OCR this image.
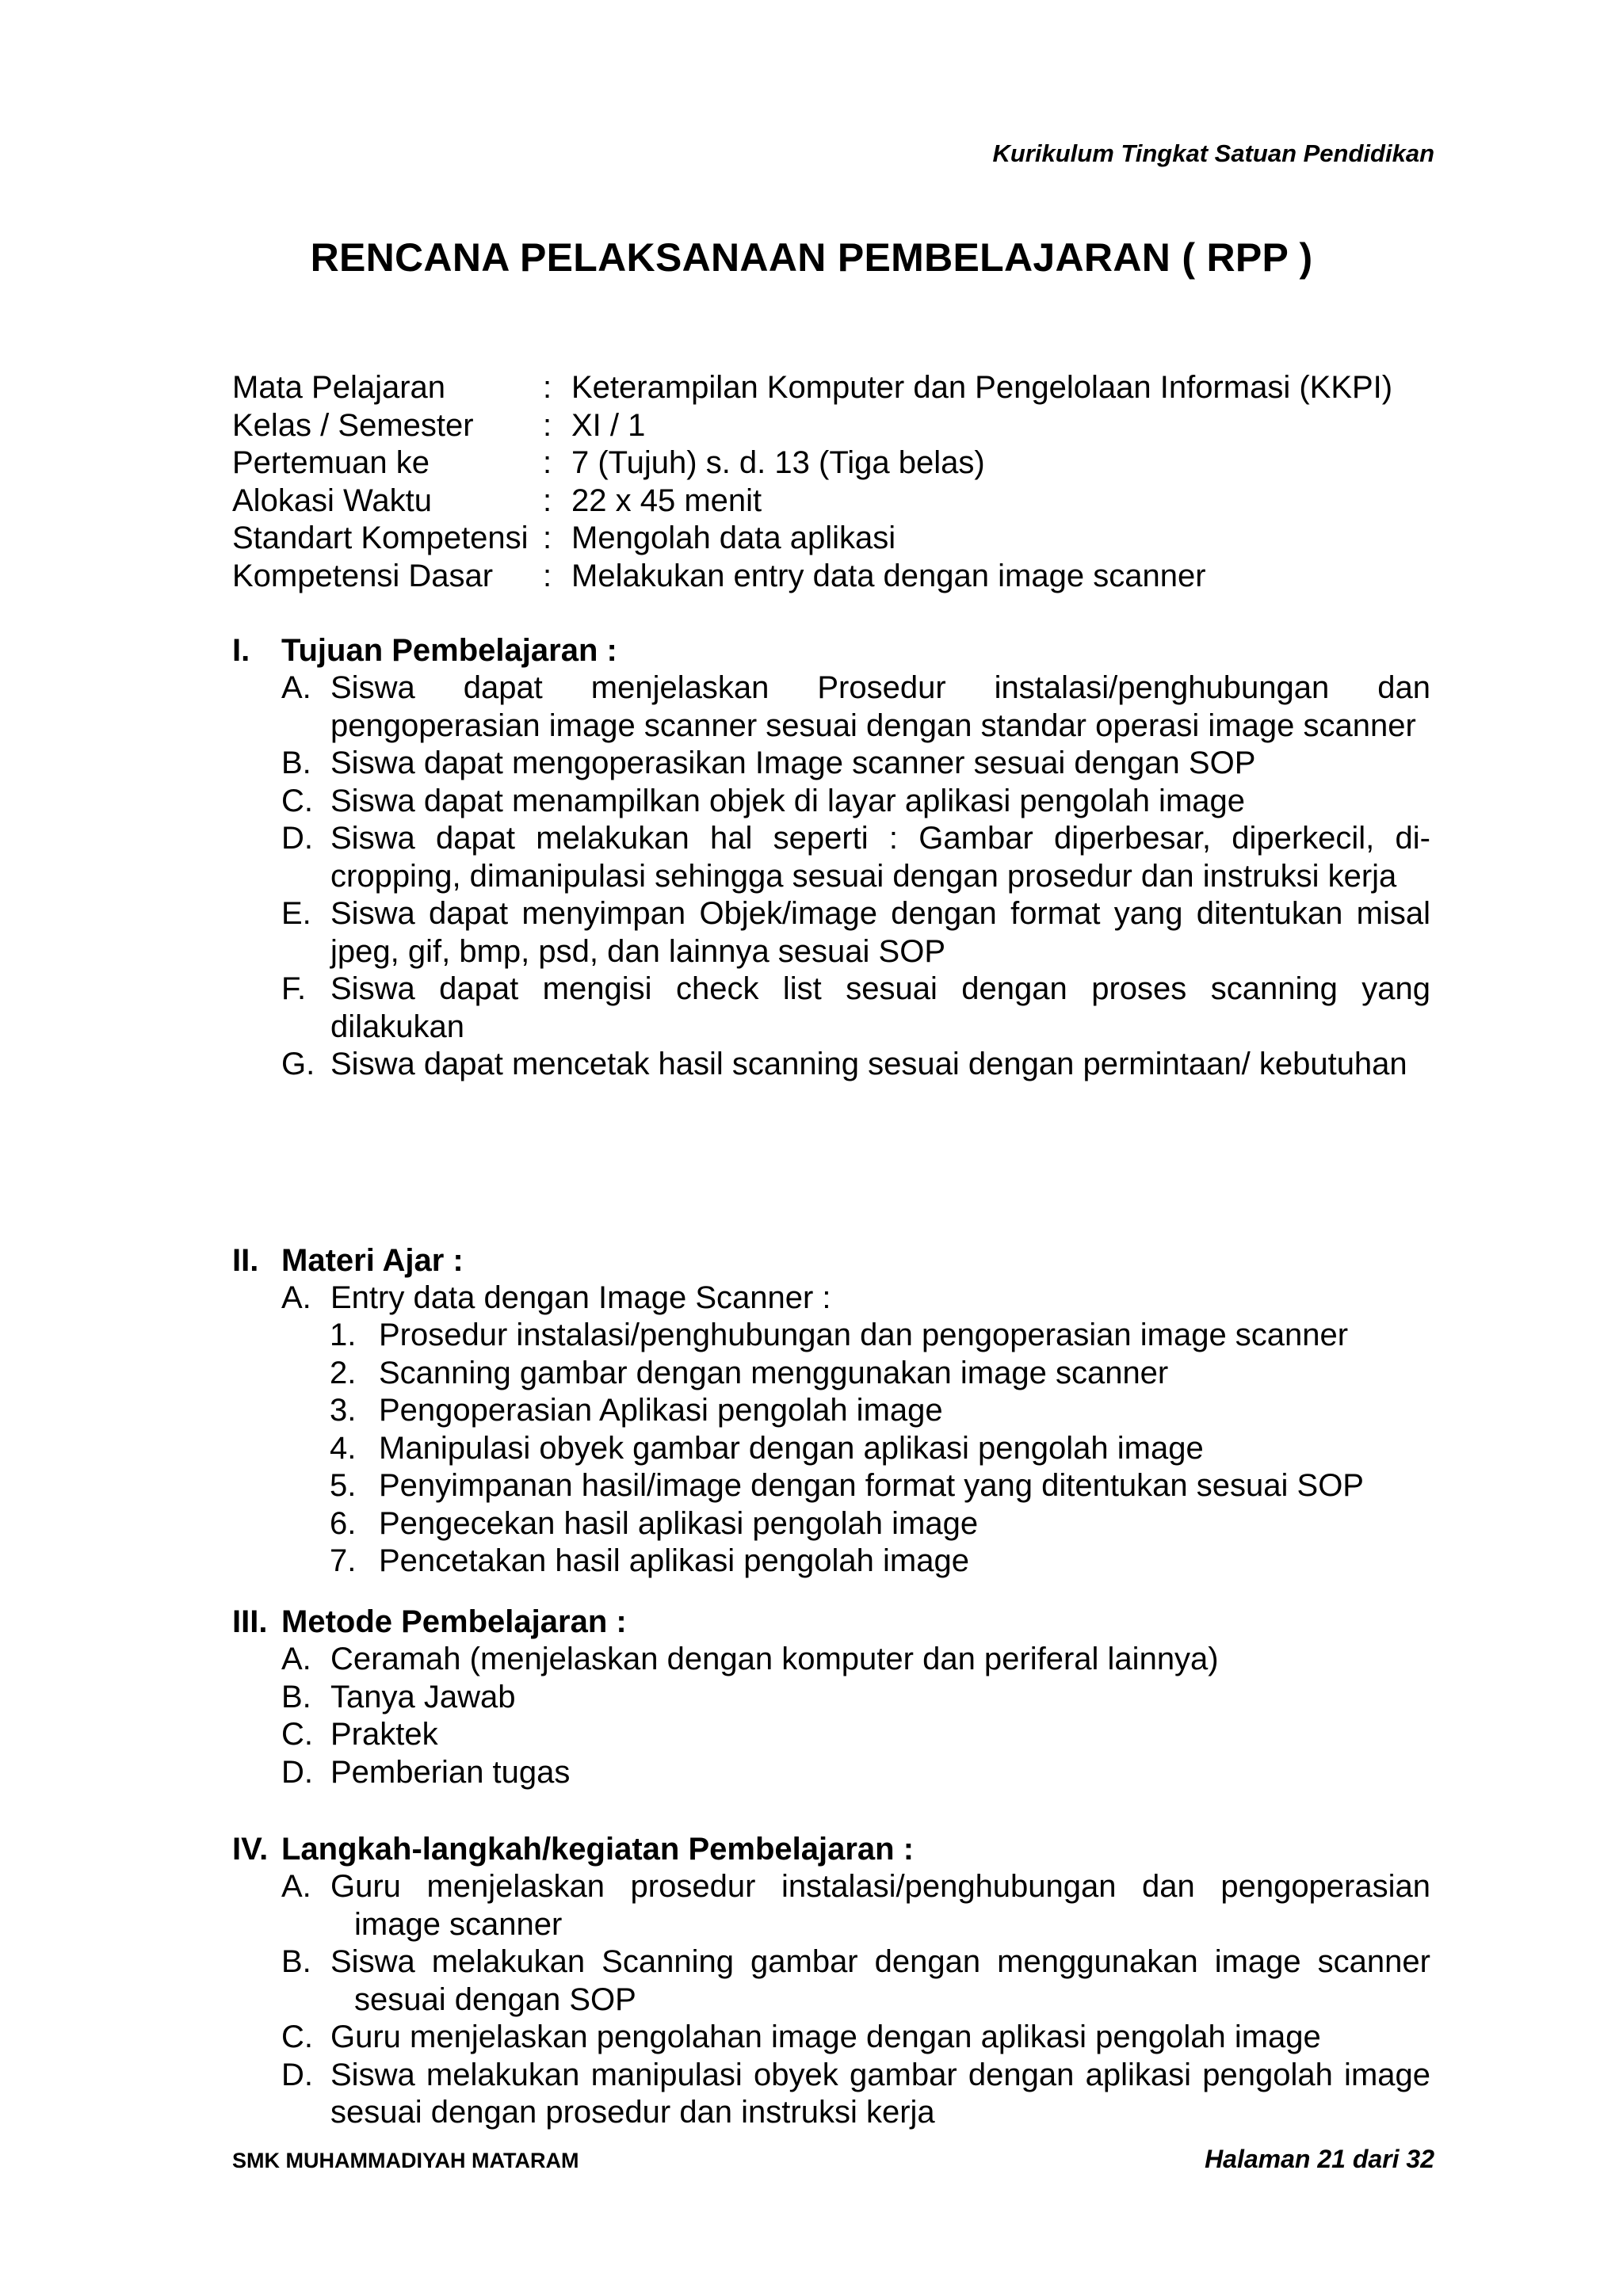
Kurikulum Tingkat Satuan Pendidikan
RENCANA PELAKSANAAN PEMBELAJARAN ( RPP )
Mata Pelajaran	: Keterampilan Komputer dan Pengelolaan Informasi (KKPI)
Kelas / Semester	: XI / 1
Pertemuan ke	: 7 (Tujuh) s. d. 13 (Tiga belas)
Alokasi Waktu	: 22 x 45 menit
Standart Kompetensi : Mengolah data aplikasi
Kompetensi Dasar	: Melakukan entry data dengan image scanner
I. Tujuan Pembelajaran :
A. Siswa dapat menjelaskan Prosedur instalasi/penghubungan dan pengoperasian image scanner sesuai dengan standar operasi image scanner
B. Siswa dapat mengoperasikan Image scanner sesuai dengan SOP
C. Siswa dapat menampilkan objek di layar aplikasi pengolah image
D. Siswa dapat melakukan hal seperti : Gambar diperbesar, diperkecil, di-cropping, dimanipulasi sehingga sesuai dengan prosedur dan instruksi kerja
E. Siswa dapat menyimpan Objek/image dengan format yang ditentukan misal jpeg, gif, bmp, psd, dan lainnya sesuai SOP
F. Siswa dapat mengisi check list sesuai dengan proses scanning yang dilakukan
G. Siswa dapat mencetak hasil scanning sesuai dengan permintaan/ kebutuhan
II. Materi Ajar :
A. Entry data dengan Image Scanner :
1. Prosedur instalasi/penghubungan dan pengoperasian image scanner
2. Scanning gambar dengan menggunakan image scanner
3. Pengoperasian Aplikasi pengolah image
4. Manipulasi obyek gambar dengan aplikasi pengolah image
5. Penyimpanan hasil/image dengan format yang ditentukan sesuai SOP
6. Pengecekan hasil aplikasi pengolah image
7. Pencetakan hasil aplikasi pengolah image
III. Metode Pembelajaran :
A. Ceramah (menjelaskan dengan komputer dan periferal lainnya)
B. Tanya Jawab
C. Praktek
D. Pemberian tugas
IV. Langkah-langkah/kegiatan Pembelajaran :
A. Guru menjelaskan prosedur instalasi/penghubungan dan pengoperasian
image scanner
B. Siswa melakukan Scanning gambar dengan menggunakan image scanner
sesuai dengan SOP
C. Guru menjelaskan pengolahan image dengan aplikasi pengolah image
D. Siswa melakukan manipulasi obyek gambar dengan aplikasi pengolah image sesuai dengan prosedur dan instruksi kerja
SMK MUHAMMADIYAH MATARAM	Halaman 21 dari 32
